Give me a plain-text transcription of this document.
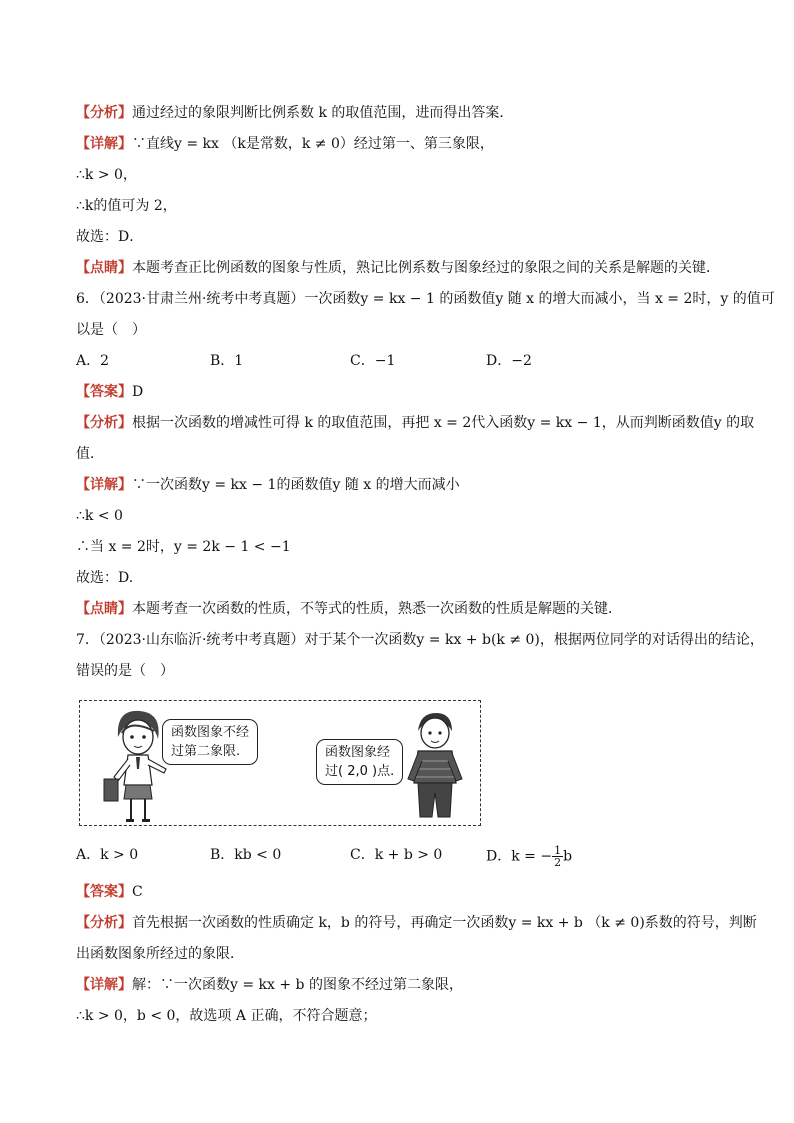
【分析】通过经过的象限判断比例系数 k 的取值范围，进而得出答案．
【详解】∵直线y = kx （k是常数，k ≠ 0）经过第一、第三象限，
∴k > 0，
∴k的值可为 2，
故选：D．
【点睛】本题考查正比例函数的图象与性质，熟记比例系数与图象经过的象限之间的关系是解题的关键．
6．（2023·甘肃兰州·统考中考真题）一次函数y = kx − 1 的函数值y 随 x 的增大而减小，当 x = 2时，y 的值可
以是（　）
A．2	B．1	C．−1	D．−2
【答案】D
【分析】根据一次函数的增减性可得 k 的取值范围，再把 x = 2代入函数y = kx − 1，从而判断函数值y 的取
值．
【详解】∵一次函数y = kx − 1的函数值y 随 x 的增大而减小
∴k < 0
∴当 x = 2时，y = 2k − 1 < −1
故选：D.
【点睛】本题考查一次函数的性质，不等式的性质，熟悉一次函数的性质是解题的关键．
7．（2023·山东临沂·统考中考真题）对于某个一次函数y = kx + b(k ≠ 0)，根据两位同学的对话得出的结论，
错误的是（　）
函数图象不经
过第二象限.	函数图象经
过( 2,0 )点.
A．k > 0	B．kb < 0	C．k + b > 0	D．k = − $\frac{1}{2}$ b
【答案】C
【分析】首先根据一次函数的性质确定 k，b 的符号，再确定一次函数y = kx + b （k ≠ 0)系数的符号，判断
出函数图象所经过的象限．
【详解】解：∵一次函数y = kx + b 的图象不经过第二象限，
∴k > 0，b < 0，故选项 A 正确，不符合题意；
